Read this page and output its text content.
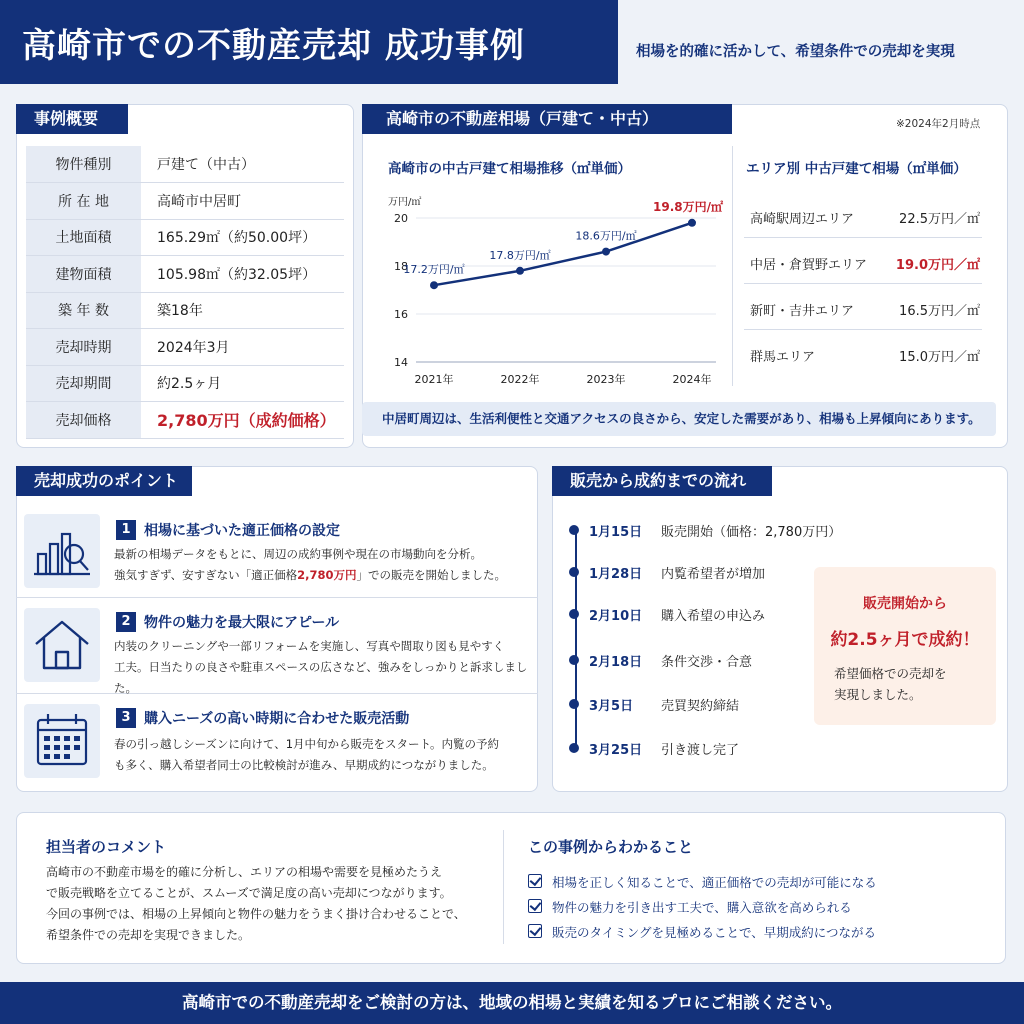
高崎市での不動産売却 成功事例	相場を的確に活かして、希望条件での売却を実現
事例概要
物件種別	戸建て（中古）
所 在 地	高崎市中居町
土地面積	165.29㎡（約50.00坪）
建物面積	105.98㎡（約32.05坪）
築 年 数	築18年
売却時期	2024年3月
売却期間	約2.5ヶ月
売却価格	2,780万円（成約価格）
高崎市の不動産相場（戸建て・中古）	※2024年2月時点
高崎市の中古戸建て相場推移（㎡単価）
万円/㎡
20
18
16
14
2021年	2022年	2023年	2024年
17.2万円/㎡
17.8万円/㎡
18.6万円/㎡
19.8万円/㎡
エリア別 中古戸建て相場（㎡単価）
高崎駅周辺エリア	22.5万円／㎡
中居・倉賀野エリア 19.0万円／㎡
新町・吉井エリア	16.5万円／㎡
群馬エリア	15.0万円／㎡
中居町周辺は、生活利便性と交通アクセスの良さから、安定した需要があり、相場も上昇傾向にあります。
売却成功のポイント
1 相場に基づいた適正価格の設定
最新の相場データをもとに、周辺の成約事例や現在の市場動向を分析。
強気すぎず、安すぎない「適正価格2,780万円」での販売を開始しました。
2 物件の魅力を最大限にアピール
内装のクリーニングや一部リフォームを実施し、写真や間取り図も見やすく
工夫。日当たりの良さや駐車スペースの広さなど、強みをしっかりと訴求しました。
3 購入ニーズの高い時期に合わせた販売活動
春の引っ越しシーズンに向けて、1月中旬から販売をスタート。内覧の予約
も多く、購入希望者同士の比較検討が進み、早期成約につながりました。
販売から成約までの流れ
1月15日 販売開始（価格：2,780万円）
1月28日 内覧希望者が増加
2月10日 購入希望の申込み
2月18日 条件交渉・合意
3月5日 売買契約締結
3月25日 引き渡し完了
販売開始から
約2.5ヶ月で成約！
希望価格での売却を
実現しました。
担当者のコメント
高崎市の不動産市場を的確に分析し、エリアの相場や需要を見極めたうえ
で販売戦略を立てることが、スムーズで満足度の高い売却につながります。
今回の事例では、相場の上昇傾向と物件の魅力をうまく掛け合わせることで、
希望条件での売却を実現できました。
この事例からわかること
相場を正しく知ることで、適正価格での売却が可能になる
物件の魅力を引き出す工夫で、購入意欲を高められる
販売のタイミングを見極めることで、早期成約につながる
高崎市での不動産売却をご検討の方は、地域の相場と実績を知るプロにご相談ください。
